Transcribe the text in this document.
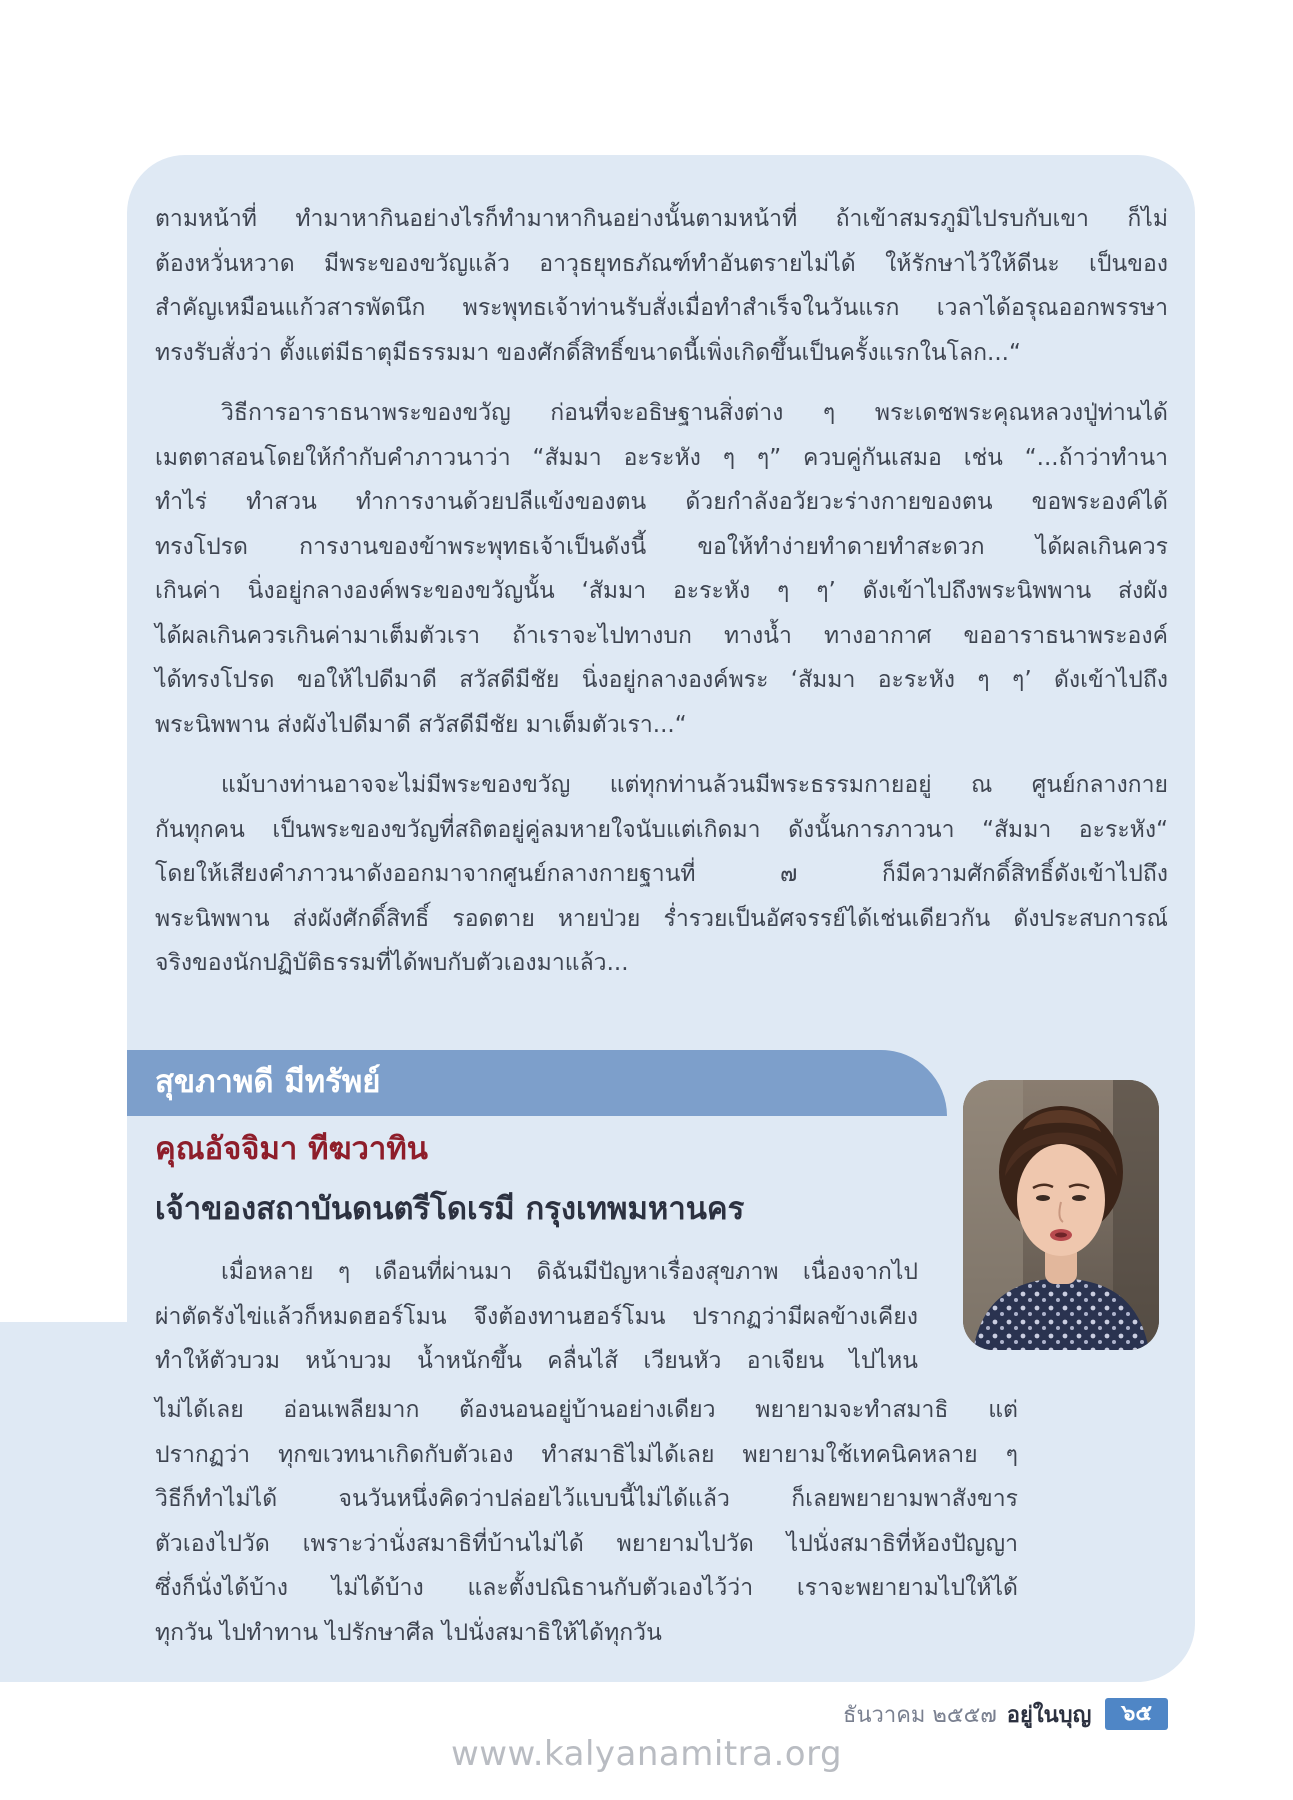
ตามหน้าที่ ทำมาหากินอย่างไรก็ทำมาหากินอย่างนั้นตามหน้าที่ ถ้าเข้าสมรภูมิไปรบกับเขา ก็ไม่
ต้องหวั่นหวาด มีพระของขวัญแล้ว อาวุธยุทธภัณฑ์ทำอันตรายไม่ได้ ให้รักษาไว้ให้ดีนะ เป็นของ
สำคัญเหมือนแก้วสารพัดนึก พระพุทธเจ้าท่านรับสั่งเมื่อทำสำเร็จในวันแรก เวลาได้อรุณออกพรรษา
ทรงรับสั่งว่า ตั้งแต่มีธาตุมีธรรมมา ของศักดิ์สิทธิ์ขนาดนี้เพิ่งเกิดขึ้นเป็นครั้งแรกในโลก...“
วิธีการอาราธนาพระของขวัญ ก่อนที่จะอธิษฐานสิ่งต่าง ๆ พระเดชพระคุณหลวงปู่ท่านได้
เมตตาสอนโดยให้กำกับคำภาวนาว่า “สัมมา อะระหัง ๆ ๆ” ควบคู่กันเสมอ เช่น “...ถ้าว่าทำนา
ทำไร่ ทำสวน ทำการงานด้วยปลีแข้งของตน ด้วยกำลังอวัยวะร่างกายของตน ขอพระองค์ได้
ทรงโปรด การงานของข้าพระพุทธเจ้าเป็นดังนี้ ขอให้ทำง่ายทำดายทำสะดวก ได้ผลเกินควร
เกินค่า นิ่งอยู่กลางองค์พระของขวัญนั้น ‘สัมมา อะระหัง ๆ ๆ’ ดังเข้าไปถึงพระนิพพาน ส่งผัง
ได้ผลเกินควรเกินค่ามาเต็มตัวเรา ถ้าเราจะไปทางบก ทางน้ำ ทางอากาศ ขออาราธนาพระองค์
ได้ทรงโปรด ขอให้ไปดีมาดี สวัสดีมีชัย นิ่งอยู่กลางองค์พระ ‘สัมมา อะระหัง ๆ ๆ’ ดังเข้าไปถึง
พระนิพพาน ส่งผังไปดีมาดี สวัสดีมีชัย มาเต็มตัวเรา...“
แม้บางท่านอาจจะไม่มีพระของขวัญ แต่ทุกท่านล้วนมีพระธรรมกายอยู่ ณ ศูนย์กลางกาย
กันทุกคน เป็นพระของขวัญที่สถิตอยู่คู่ลมหายใจนับแต่เกิดมา ดังนั้นการภาวนา “สัมมา อะระหัง“
โดยให้เสียงคำภาวนาดังออกมาจากศูนย์กลางกายฐานที่ ๗ ก็มีความศักดิ์สิทธิ์ดังเข้าไปถึง
พระนิพพาน ส่งผังศักดิ์สิทธิ์ รอดตาย หายป่วย ร่ำรวยเป็นอัศจรรย์ได้เช่นเดียวกัน ดังประสบการณ์
จริงของนักปฏิบัติธรรมที่ได้พบกับตัวเองมาแล้ว...
สุขภาพดี มีทรัพย์
คุณอัจจิมา ทีฆวาทิน
เจ้าของสถาบันดนตรีโดเรมี กรุงเทพมหานคร
เมื่อหลาย ๆ เดือนที่ผ่านมา ดิฉันมีปัญหาเรื่องสุขภาพ เนื่องจากไป
ผ่าตัดรังไข่แล้วก็หมดฮอร์โมน จึงต้องทานฮอร์โมน ปรากฏว่ามีผลข้างเคียง
ทำให้ตัวบวม หน้าบวม น้ำหนักขึ้น คลื่นไส้ เวียนหัว อาเจียน ไปไหน
ไม่ได้เลย อ่อนเพลียมาก ต้องนอนอยู่บ้านอย่างเดียว พยายามจะทำสมาธิ แต่
ปรากฏว่า ทุกขเวทนาเกิดกับตัวเอง ทำสมาธิไม่ได้เลย พยายามใช้เทคนิคหลาย ๆ
วิธีก็ทำไม่ได้ จนวันหนึ่งคิดว่าปล่อยไว้แบบนี้ไม่ได้แล้ว ก็เลยพยายามพาสังขาร
ตัวเองไปวัด เพราะว่านั่งสมาธิที่บ้านไม่ได้ พยายามไปวัด ไปนั่งสมาธิที่ห้องปัญญา
ซึ่งก็นั่งได้บ้าง ไม่ได้บ้าง และตั้งปณิธานกับตัวเองไว้ว่า เราจะพยายามไปให้ได้
ทุกวัน ไปทำทาน ไปรักษาศีล ไปนั่งสมาธิให้ได้ทุกวัน
ธันวาคม ๒๕๕๗ อยู่ในบุญ	๖๕
www.kalyanamitra.org
